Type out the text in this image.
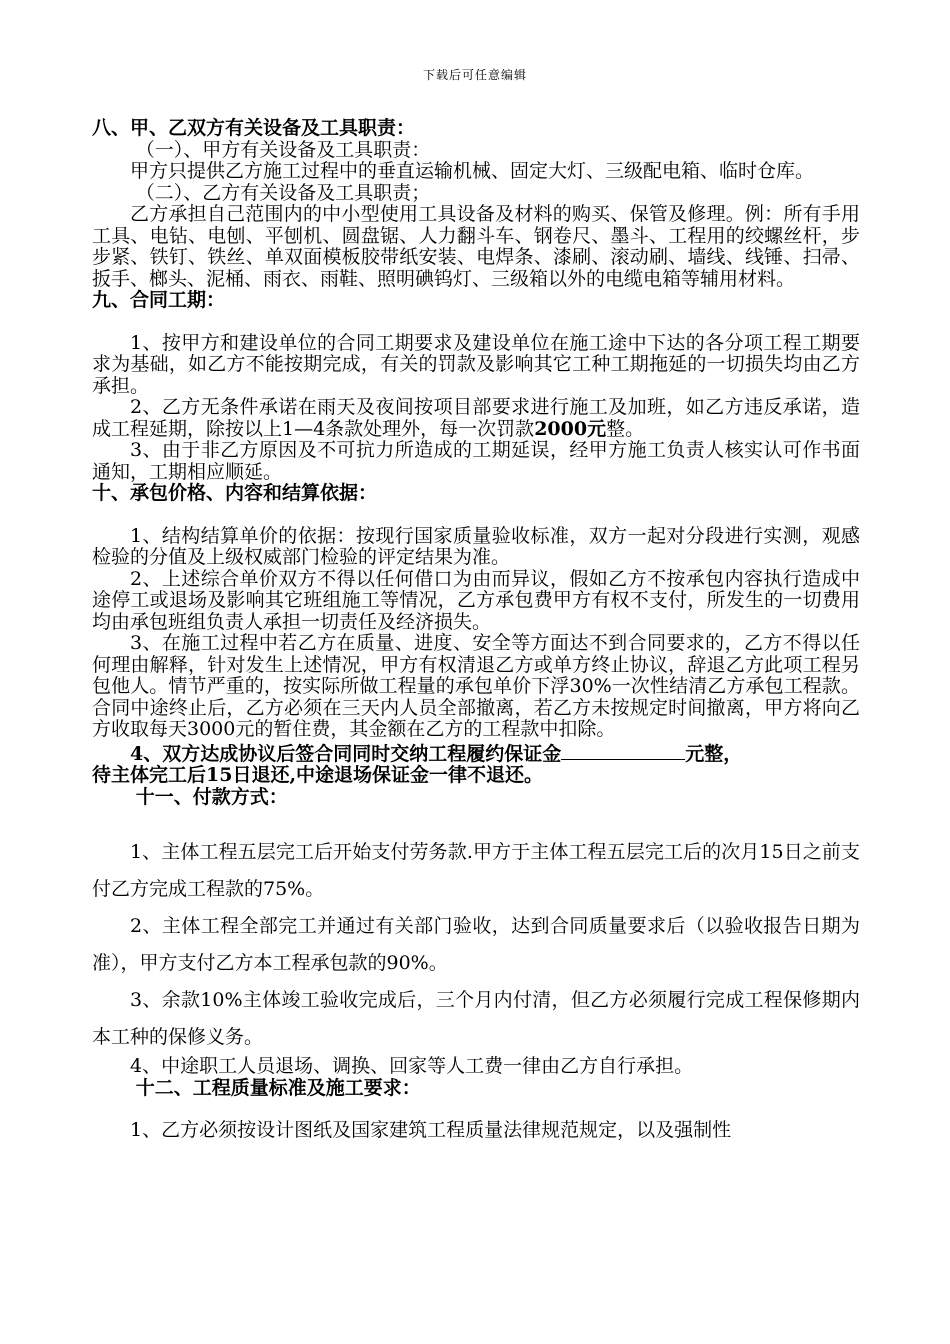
下载后可任意编辑

八、甲、乙双方有关设备及工具职责：

（一）、甲方有关设备及工具职责：

甲方只提供乙方施工过程中的垂直运输机械、固定大灯、三级配电箱、临时仓库。

（二）、乙方有关设备及工具职责；

乙方承担自己范围内的中小型使用工具设备及材料的购买、保管及修理。例：所有手用工具、电钻、电刨、平刨机、圆盘锯、人力翻斗车、钢卷尺、墨斗、工程用的绞螺丝杆，步步紧、铁钉、铁丝、单双面模板胶带纸安装、电焊条、漆刷、滚动刷、墙线、线锤、扫帚、扳手、榔头、泥桶、雨衣、雨鞋、照明碘钨灯、三级箱以外的电缆电箱等辅用材料。

九、合同工期：

1、按甲方和建设单位的合同工期要求及建设单位在施工途中下达的各分项工程工期要求为基础，如乙方不能按期完成，有关的罚款及影响其它工种工期拖延的一切损失均由乙方承担。

2、乙方无条件承诺在雨天及夜间按项目部要求进行施工及加班，如乙方违反承诺，造成工程延期，除按以上1—4条款处理外，每一次罚款2000元整。

3、由于非乙方原因及不可抗力所造成的工期延误，经甲方施工负责人核实认可作书面通知，工期相应顺延。

十、承包价格、内容和结算依据：

1、结构结算单价的依据：按现行国家质量验收标准，双方一起对分段进行实测，观感检验的分值及上级权威部门检验的评定结果为准。

2、上述综合单价双方不得以任何借口为由而异议，假如乙方不按承包内容执行造成中途停工或退场及影响其它班组施工等情况，乙方承包费甲方有权不支付，所发生的一切费用均由承包班组负责人承担一切责任及经济损失。

3、在施工过程中若乙方在质量、进度、安全等方面达不到合同要求的，乙方不得以任何理由解释，针对发生上述情况，甲方有权清退乙方或单方终止协议，辞退乙方此项工程另包他人。情节严重的，按实际所做工程量的承包单价下浮30%一次性结清乙方承包工程款。合同中途终止后，乙方必须在三天内人员全部撤离，若乙方未按规定时间撤离，甲方将向乙方收取每天3000元的暂住费，其金额在乙方的工程款中扣除。

4、双方达成协议后签合同同时交纳工程履约保证金	元整，

待主体完工后15日退还,中途退场保证金一律不退还。

十一、付款方式：

1、主体工程五层完工后开始支付劳务款.甲方于主体工程五层完工后的次月15日之前支付乙方完成工程款的75%。

2、主体工程全部完工并通过有关部门验收，达到合同质量要求后（以验收报告日期为准），甲方支付乙方本工程承包款的90%。

3、余款10%主体竣工验收完成后，三个月内付清，但乙方必须履行完成工程保修期内本工种的保修义务。

4、中途职工人员退场、调换、回家等人工费一律由乙方自行承担。

十二、工程质量标准及施工要求：

1、乙方必须按设计图纸及国家建筑工程质量法律规范规定，以及强制性
